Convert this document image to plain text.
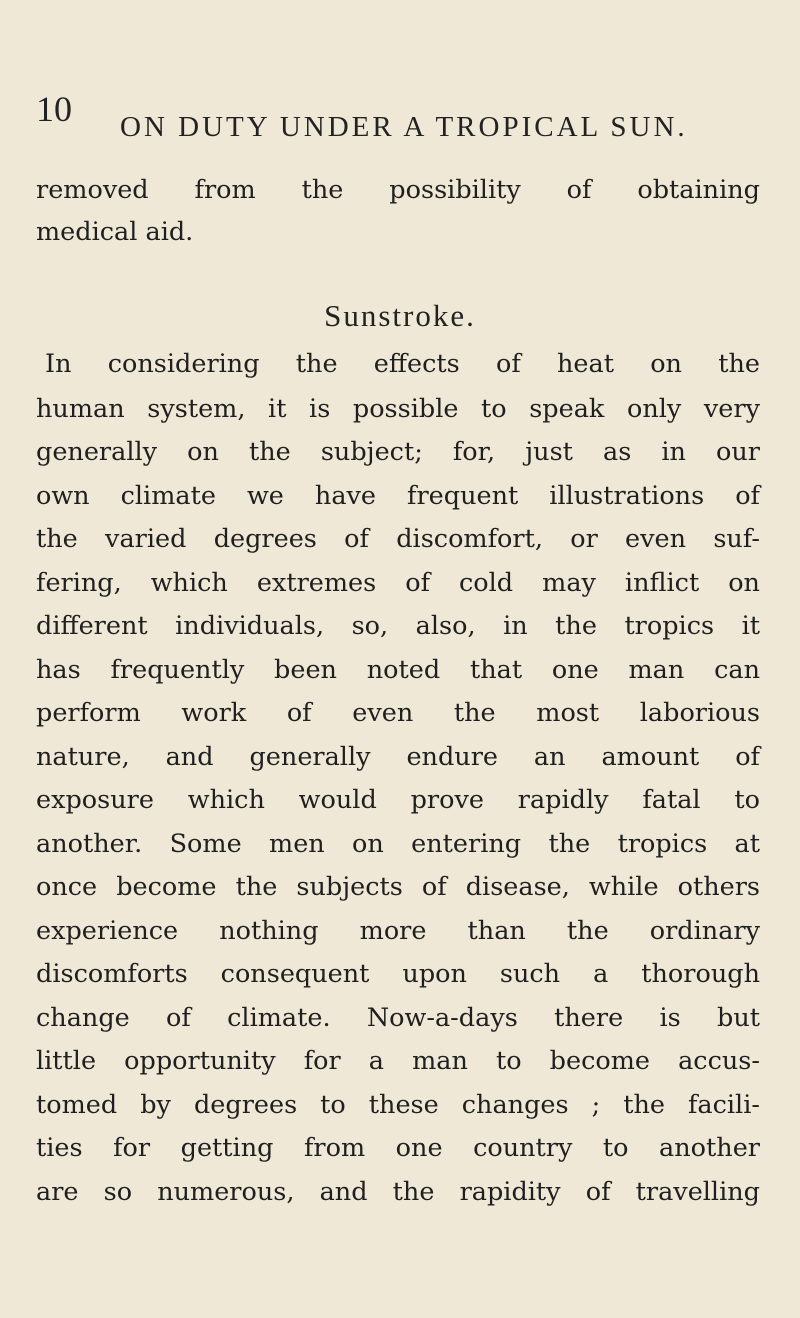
10 ON DUTY UNDER A TROPICAL SUN.
removed from the possibility of obtaining
medical aid.
Sunstroke.
In considering the effects of heat on the
human system, it is possible to speak only very
generally on the subject; for, just as in our
own climate we have frequent illustrations of
the varied degrees of discomfort, or even suf-
fering, which extremes of cold may inflict on
different individuals, so, also, in the tropics it
has frequently been noted that one man can
perform work of even the most laborious
nature, and generally endure an amount of
exposure which would prove rapidly fatal to
another. Some men on entering the tropics at
once become the subjects of disease, while others
experience nothing more than the ordinary
discomforts consequent upon such a thorough
change of climate. Now-a-days there is but
little opportunity for a man to become accus-
tomed by degrees to these changes ; the facili-
ties for getting from one country to another
are so numerous, and the rapidity of travelling
